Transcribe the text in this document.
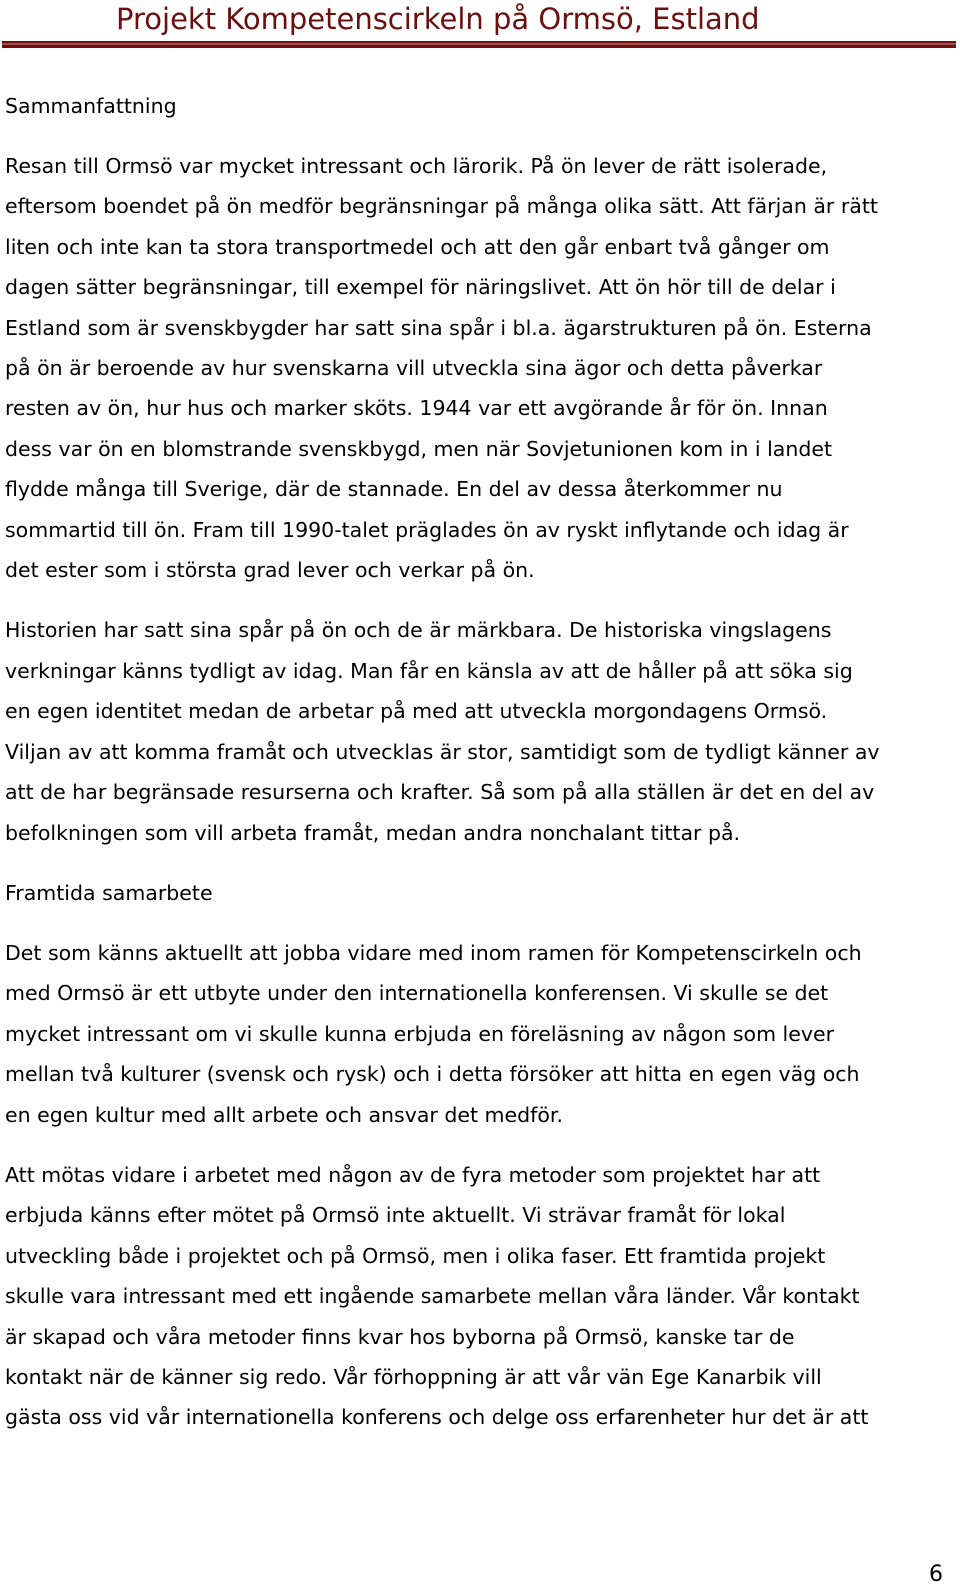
Projekt Kompetenscirkeln på Ormsö, Estland
Sammanfattning
Resan till Ormsö var mycket intressant och lärorik. På ön lever de rätt isolerade,
eftersom boendet på ön medför begränsningar på många olika sätt. Att färjan är rätt
liten och inte kan ta stora transportmedel och att den går enbart två gånger om
dagen sätter begränsningar, till exempel för näringslivet. Att ön hör till de delar i
Estland som är svenskbygder har satt sina spår i bl.a. ägarstrukturen på ön. Esterna
på ön är beroende av hur svenskarna vill utveckla sina ägor och detta påverkar
resten av ön, hur hus och marker sköts. 1944 var ett avgörande år för ön. Innan
dess var ön en blomstrande svenskbygd, men när Sovjetunionen kom in i landet
flydde många till Sverige, där de stannade. En del av dessa återkommer nu
sommartid till ön. Fram till 1990-talet präglades ön av ryskt inflytande och idag är
det ester som i största grad lever och verkar på ön.
Historien har satt sina spår på ön och de är märkbara. De historiska vingslagens
verkningar känns tydligt av idag. Man får en känsla av att de håller på att söka sig
en egen identitet medan de arbetar på med att utveckla morgondagens Ormsö.
Viljan av att komma framåt och utvecklas är stor, samtidigt som de tydligt känner av
att de har begränsade resurserna och krafter. Så som på alla ställen är det en del av
befolkningen som vill arbeta framåt, medan andra nonchalant tittar på.
Framtida samarbete
Det som känns aktuellt att jobba vidare med inom ramen för Kompetenscirkeln och
med Ormsö är ett utbyte under den internationella konferensen. Vi skulle se det
mycket intressant om vi skulle kunna erbjuda en föreläsning av någon som lever
mellan två kulturer (svensk och rysk) och i detta försöker att hitta en egen väg och
en egen kultur med allt arbete och ansvar det medför.
Att mötas vidare i arbetet med någon av de fyra metoder som projektet har att
erbjuda känns efter mötet på Ormsö inte aktuellt. Vi strävar framåt för lokal
utveckling både i projektet och på Ormsö, men i olika faser. Ett framtida projekt
skulle vara intressant med ett ingående samarbete mellan våra länder. Vår kontakt
är skapad och våra metoder finns kvar hos byborna på Ormsö, kanske tar de
kontakt när de känner sig redo. Vår förhoppning är att vår vän Ege Kanarbik vill
gästa oss vid vår internationella konferens och delge oss erfarenheter hur det är att
6
